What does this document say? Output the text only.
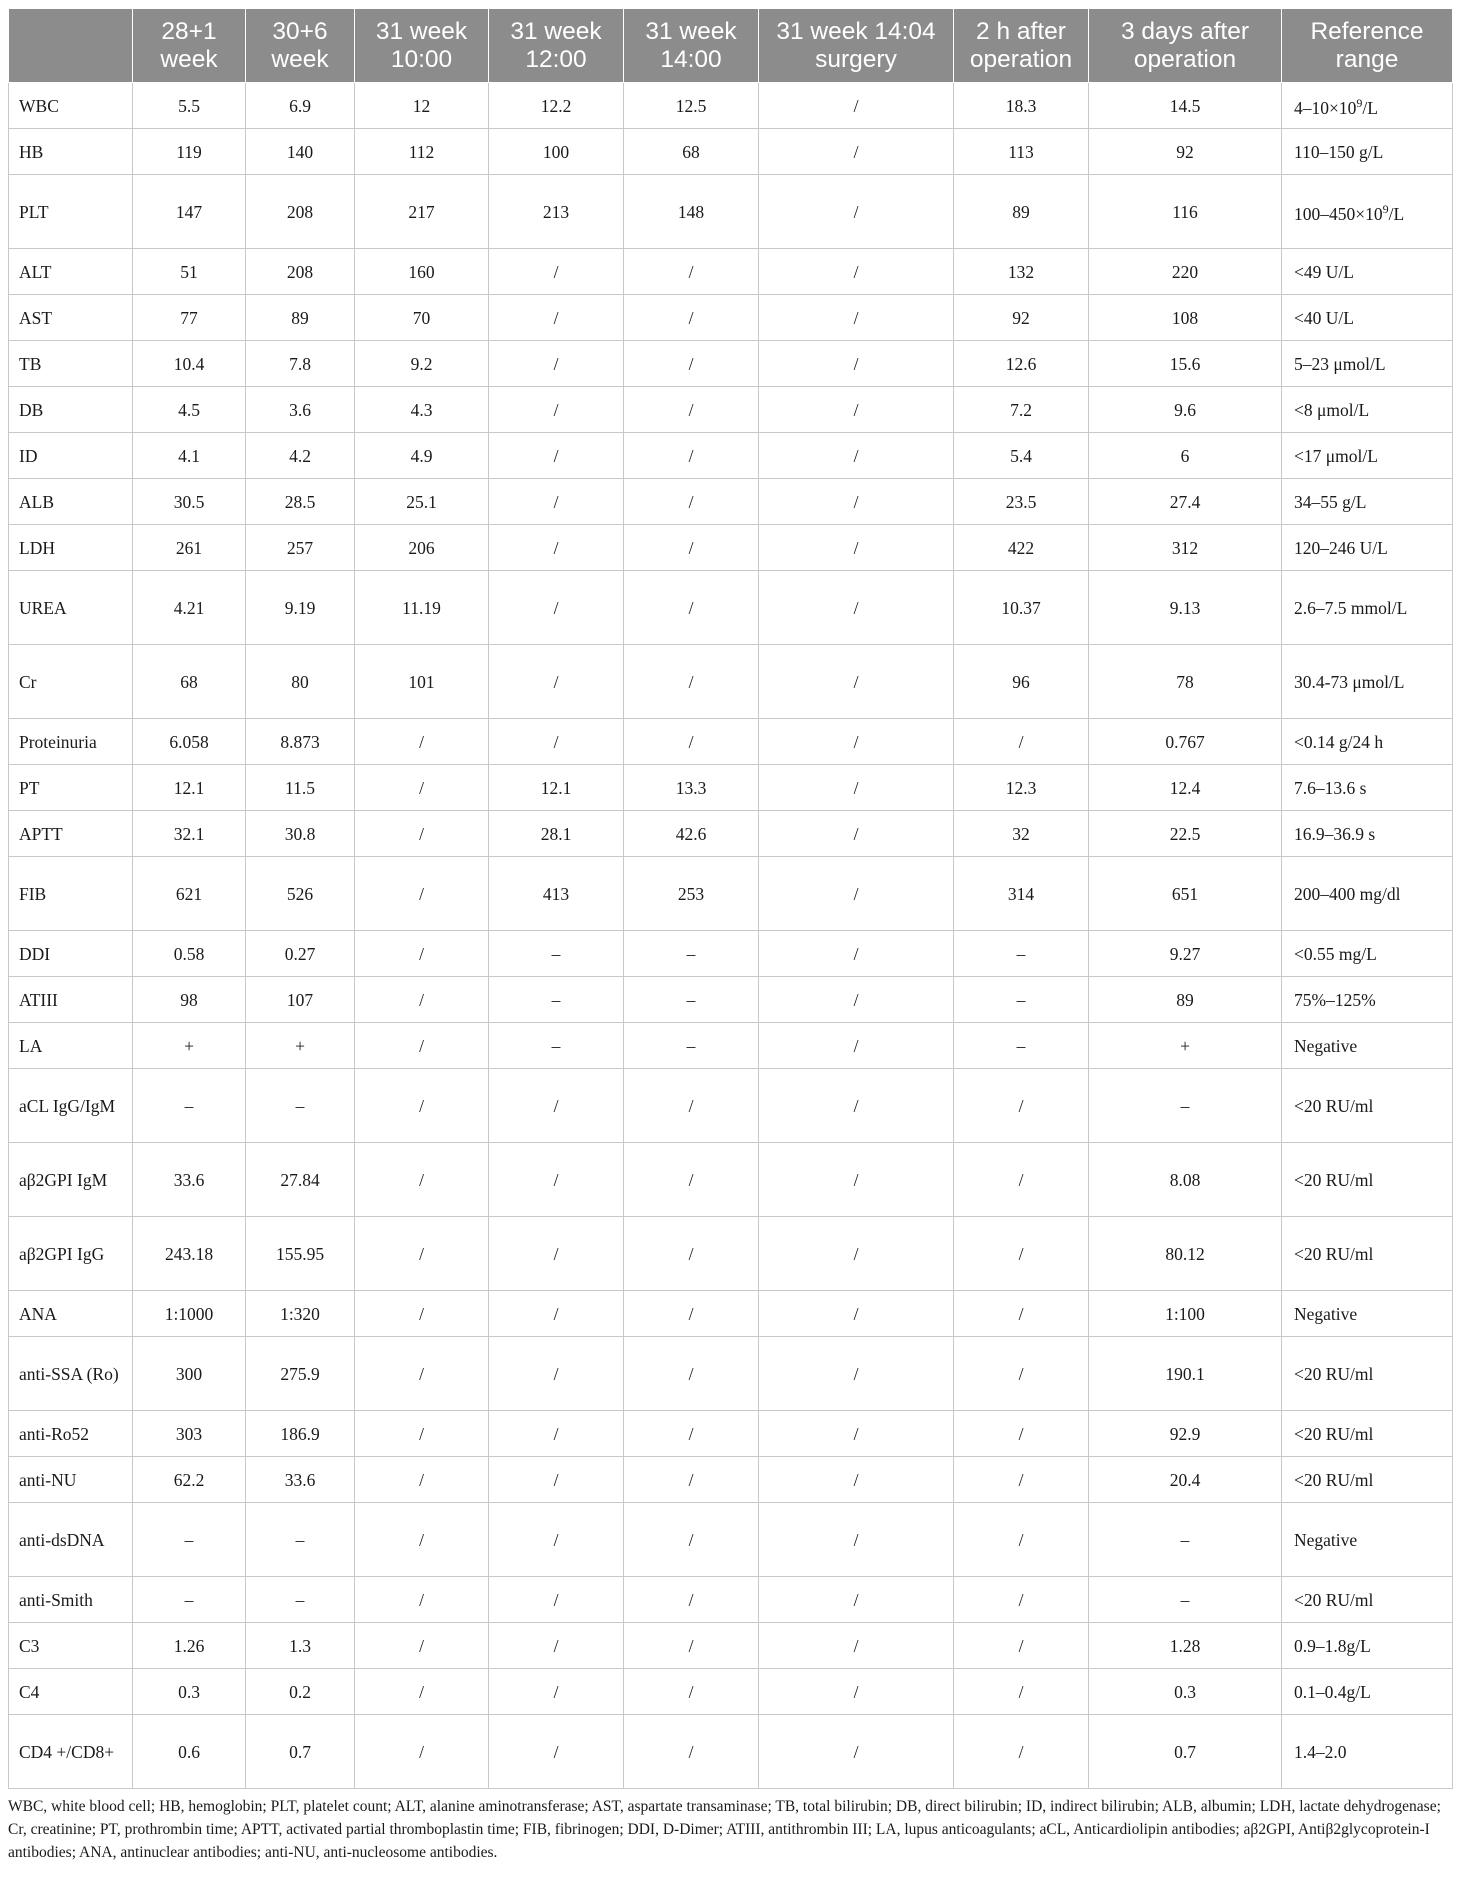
	28+1 week	30+6 week	31 week 10:00	31 week 12:00	31 week 14:00	31 week 14:04 surgery	2 h after operation	3 days after operation	Reference range
WBC	5.5	6.9	12	12.2	12.5	/	18.3	14.5	$4-10\times 10^9/L$
HB	119	140	112	100	68	/	113	92	110–150 g/L
PLT	147	208	217	213	148	/	89	116	$100-450\times 10^9/L$
ALT	51	208	160	/	/	/	132	220	<49 U/L
AST	77	89	70	/	/	/	92	108	<40 U/L
TB	10.4	7.8	9.2	/	/	/	12.6	15.6	5–23 μmol/L
DB	4.5	3.6	4.3	/	/	/	7.2	9.6	<8 μmol/L
ID	4.1	4.2	4.9	/	/	/	5.4	6	<17 μmol/L
ALB	30.5	28.5	25.1	/	/	/	23.5	27.4	34–55 g/L
LDH	261	257	206	/	/	/	422	312	120–246 U/L
UREA	4.21	9.19	11.19	/	/	/	10.37	9.13	2.6–7.5 mmol/L
Cr	68	80	101	/	/	/	96	78	30.4-73 μmol/L
Proteinuria	6.058	8.873	/	/	/	/	/	0.767	<0.14 g/24 h
PT	12.1	11.5	/	12.1	13.3	/	12.3	12.4	7.6–13.6 s
APTT	32.1	30.8	/	28.1	42.6	/	32	22.5	16.9–36.9 s
FIB	621	526	/	413	253	/	314	651	200–400 mg/dl
DDI	0.58	0.27	/	–	–	/	–	9.27	<0.55 mg/L
ATIII	98	107	/	–	–	/	–	89	75%–125%
LA	+	+	/	–	–	/	–	+	Negative
aCL IgG/IgM	–	–	/	/	/	/	/	–	<20 RU/ml
aβ2GPI IgM	33.6	27.84	/	/	/	/	/	8.08	<20 RU/ml
aβ2GPI IgG	243.18	155.95	/	/	/	/	/	80.12	<20 RU/ml
ANA	1:1000	1:320	/	/	/	/	/	1:100	Negative
anti-SSA (Ro)	300	275.9	/	/	/	/	/	190.1	<20 RU/ml
anti-Ro52	303	186.9	/	/	/	/	/	92.9	<20 RU/ml
anti-NU	62.2	33.6	/	/	/	/	/	20.4	<20 RU/ml
anti-dsDNA	–	–	/	/	/	/	/	–	Negative
anti-Smith	–	–	/	/	/	/	/	–	<20 RU/ml
C3	1.26	1.3	/	/	/	/	/	1.28	0.9–1.8g/L
C4	0.3	0.2	/	/	/	/	/	0.3	0.1–0.4g/L
CD4 +/CD8+	0.6	0.7	/	/	/	/	/	0.7	1.4–2.0
WBC, white blood cell; HB, hemoglobin; PLT, platelet count; ALT, alanine aminotransferase; AST, aspartate transaminase; TB, total bilirubin; DB, direct bilirubin; ID, indirect bilirubin; ALB, albumin; LDH, lactate dehydrogenase; Cr, creatinine; PT, prothrombin time; APTT, activated partial thromboplastin time; FIB, fibrinogen; DDI, D-Dimer; ATIII, antithrombin III; LA, lupus anticoagulants; aCL, Anticardiolipin antibodies; aβ2GPI, Antiβ2glycoprotein-I antibodies; ANA, antinuclear antibodies; anti-NU, anti-nucleosome antibodies.
